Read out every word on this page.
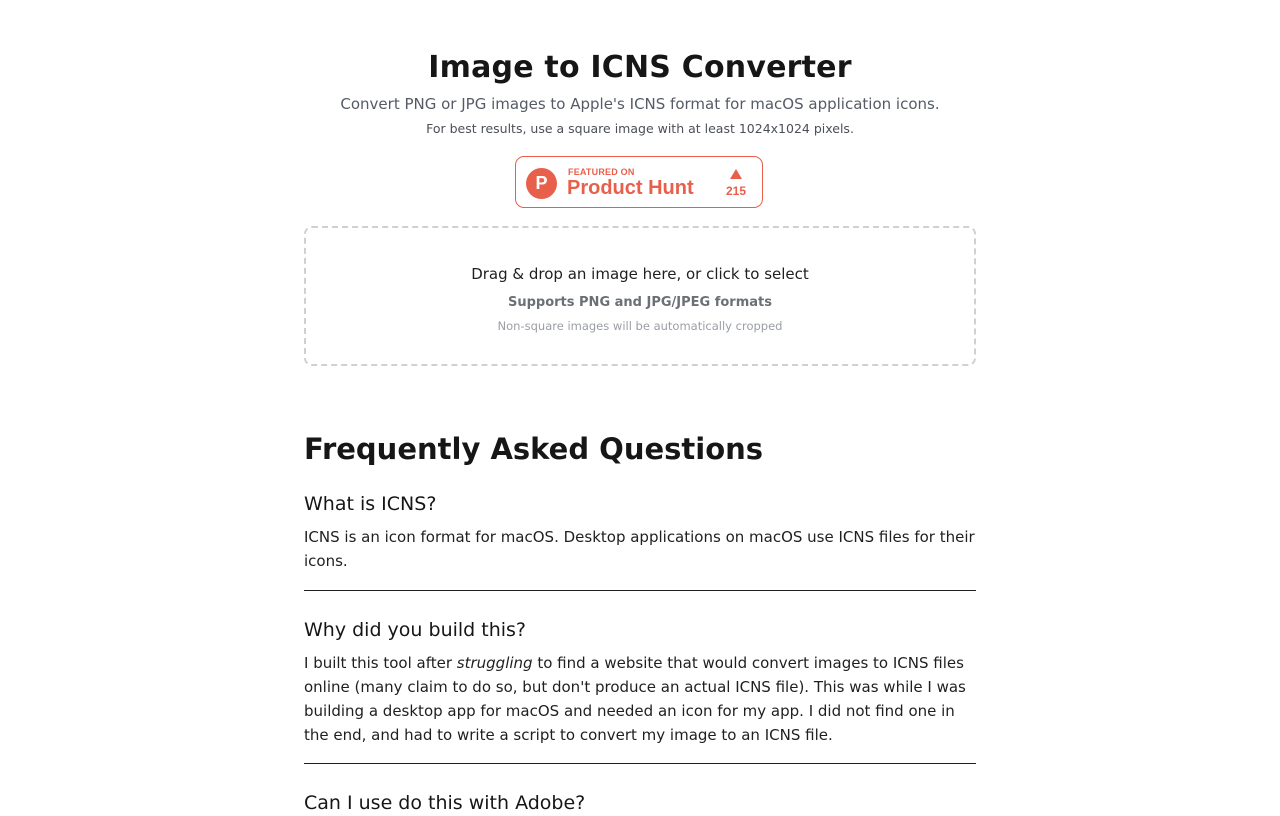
Image to ICNS Converter
Convert PNG or JPG images to Apple's ICNS format for macOS application icons.
For best results, use a square image with at least 1024x1024 pixels.
P
FEATURED ON
Product Hunt	215
Drag & drop an image here, or click to select
Supports PNG and JPG/JPEG formats
Non-square images will be automatically cropped
Frequently Asked Questions
What is ICNS?

ICNS is an icon format for macOS. Desktop applications on macOS use ICNS files for their icons.

Why did you build this?

I built this tool after struggling to find a website that would convert images to ICNS files online (many claim to do so, but don't produce an actual ICNS file). This was while I was building a desktop app for macOS and needed an icon for my app. I did not find one in the end, and had to write a script to convert my image to an ICNS file.

Can I use do this with Adobe?
